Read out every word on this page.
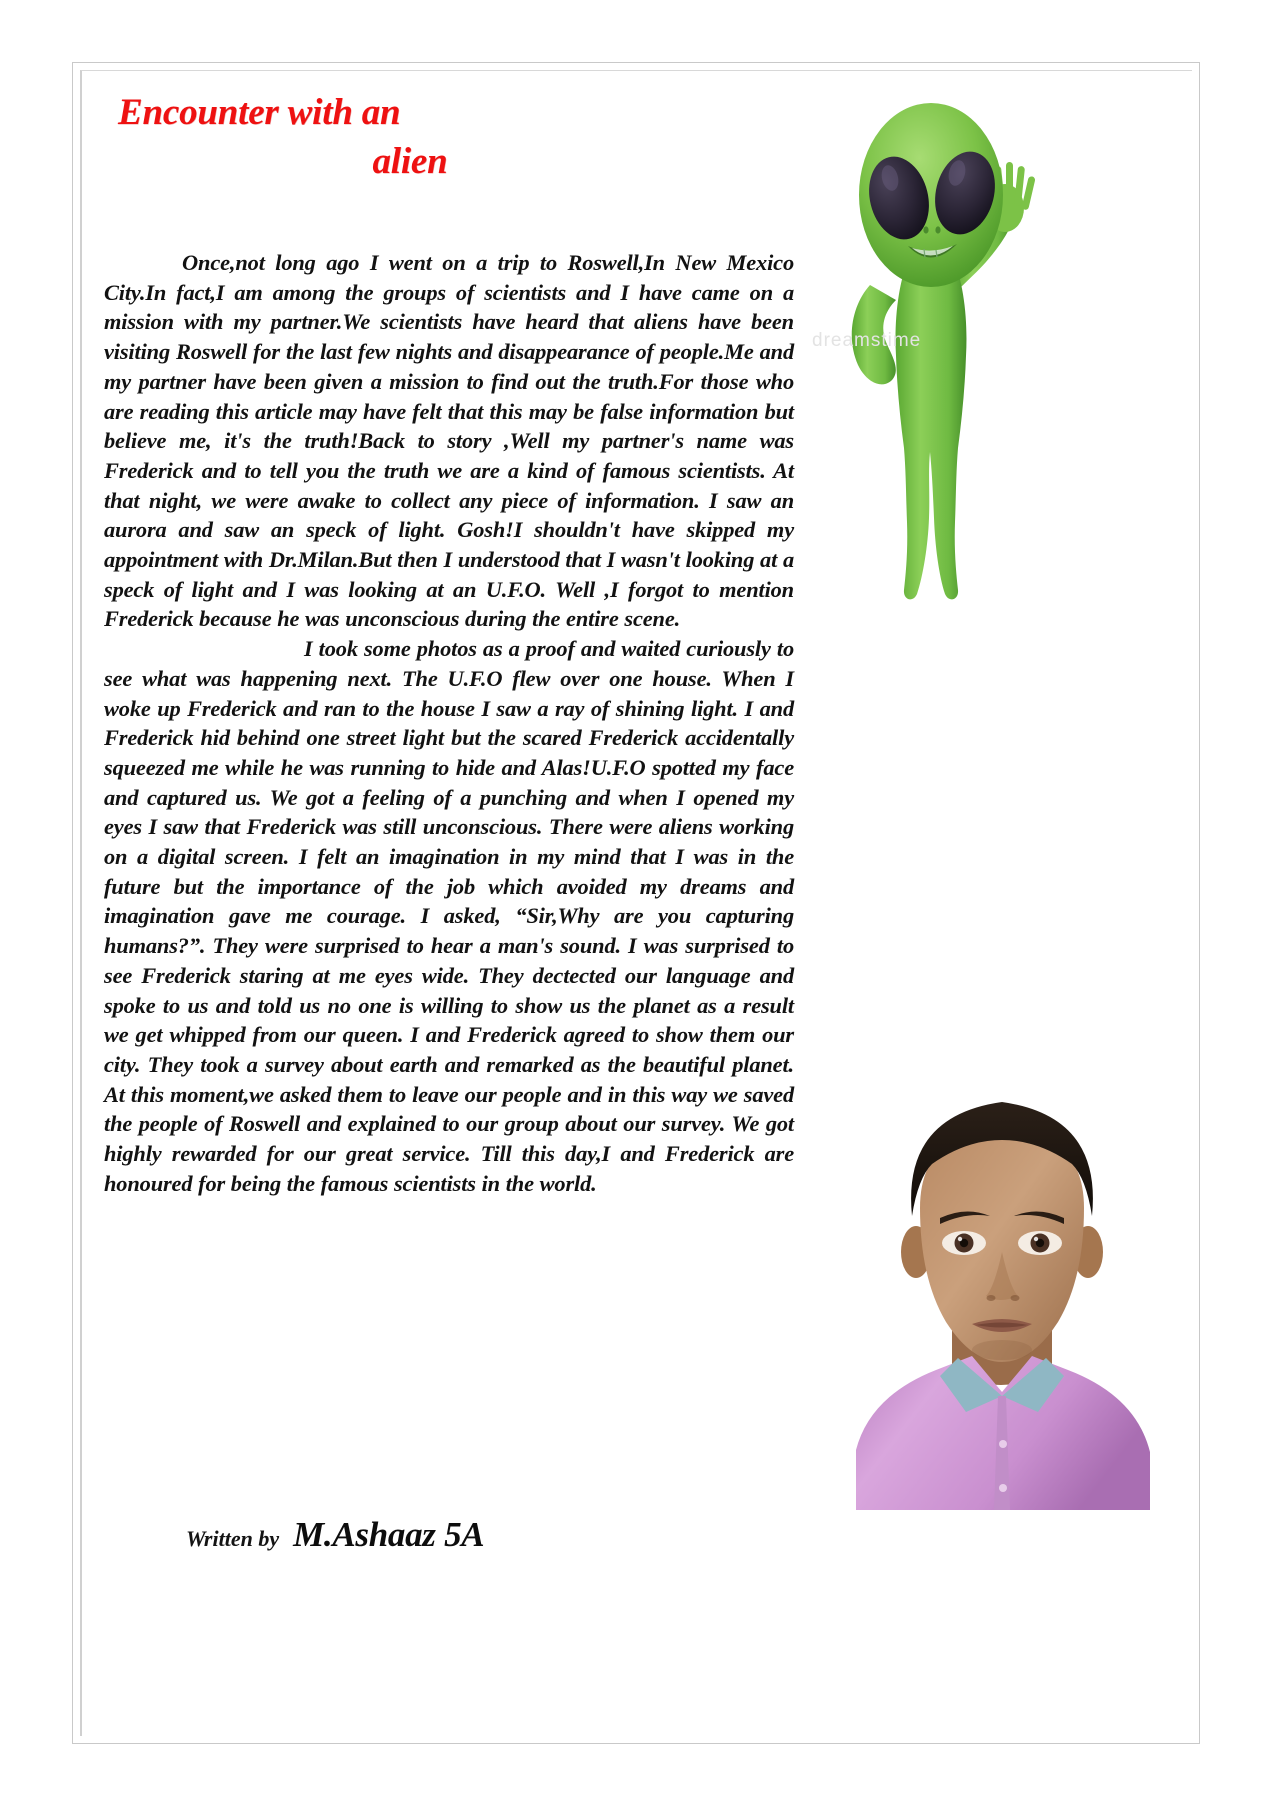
Encounter with an
alien

Once,not long ago I went on a trip to Roswell,In New Mexico City.In fact,I am among the groups of scientists and I have came on a mission with my partner.We scientists have heard that aliens have been visiting Roswell for the last few nights and disappearance of people.Me and my partner have been given a mission to find out the truth.For those who are reading this article may have felt that this may be false information but believe me, it's the truth!Back to story ,Well my partner's name was Frederick and to tell you the truth we are a kind of famous scientists. At that night, we were awake to collect any piece of information. I saw an aurora and saw an speck of light. Gosh!I shouldn't have skipped my appointment with Dr.Milan.But then I understood that I wasn't looking at a speck of light and I was looking at an U.F.O. Well ,I forgot to mention Frederick because he was unconscious during the entire scene.

I took some photos as a proof and waited curiously to see what was happening next. The U.F.O flew over one house. When I woke up Frederick and ran to the house I saw a ray of shining light. I and Frederick hid behind one street light but the scared Frederick accidentally squeezed me while he was running to hide and Alas!U.F.O spotted my face and captured us. We got a feeling of a punching and when I opened my eyes I saw that Frederick was still unconscious. There were aliens working on a digital screen. I felt an imagination in my mind that I was in the future but the importance of the job which avoided my dreams and imagination gave me courage. I asked, “Sir,Why are you capturing humans?”. They were surprised to hear a man's sound. I was surprised to see Frederick staring at me eyes wide. They dectected our language and spoke to us and told us no one is willing to show us the planet as a result we get whipped from our queen. I and Frederick agreed to show them our city. They took a survey about earth and remarked as the beautiful planet. At this moment,we asked them to leave our people and in this way we saved the people of Roswell and explained to our group about our survey. We got highly rewarded for our great service. Till this day,I and Frederick are honoured for being the famous scientists in the world.

Written by M.Ashaaz 5A
dreamstime
